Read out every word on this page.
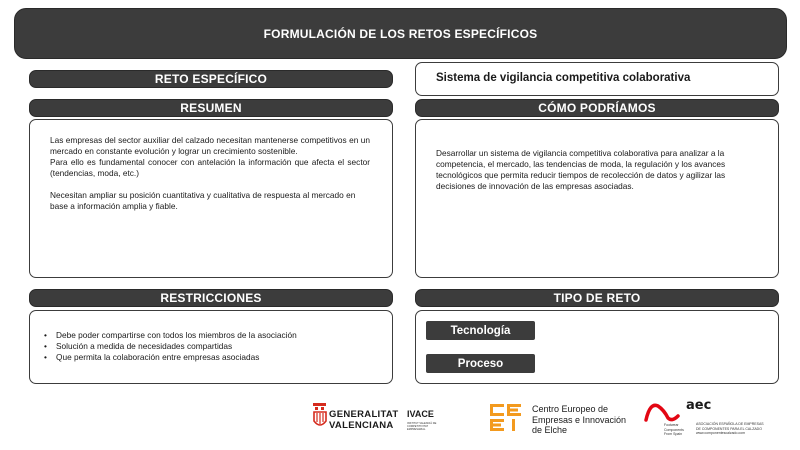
FORMULACIÓN DE LOS RETOS ESPECÍFICOS
RETO ESPECÍFICO	Sistema de vigilancia competitiva colaborativa
RESUMEN

Las empresas del sector auxiliar del calzado necesitan mantenerse competitivos en un mercado en constante evolución y lograr un crecimiento sostenible.

Para ello es fundamental conocer con antelación la información que afecta el sector (tendencias, moda, etc.)

Necesitan ampliar su posición cuantitativa y cualitativa de respuesta al mercado en base a información amplia y fiable.

CÓMO PODRÍAMOS
Desarrollar un sistema de vigilancia competitiva colaborativa para analizar a la competencia, el mercado, las tendencias de moda, la regulación y los avances tecnológicos que permita reducir tiempos de recolección de datos y agilizar las decisiones de innovación de las empresas asociadas.
RESTRICCIONES
• Debe poder compartirse con todos los miembros de la asociación
• Solución a medida de necesidades compartidas
• Que permita la colaboración entre empresas asociadas
TIPO DE RETO
Tecnología
Proceso
GENERALITAT
VALENCIANA
IVACE
INSTITUT VALENCIÀ DE
COMPETITIVITAT EMPRESARIAL
Centro Europeo de
Empresas e Innovación
de Elche
aec
Footwear
Components
From Spain
ASOCIACIÓN ESPAÑOLA DE EMPRESAS
DE COMPONENTES PARA EL CALZADO
www.componentescalzado.com
